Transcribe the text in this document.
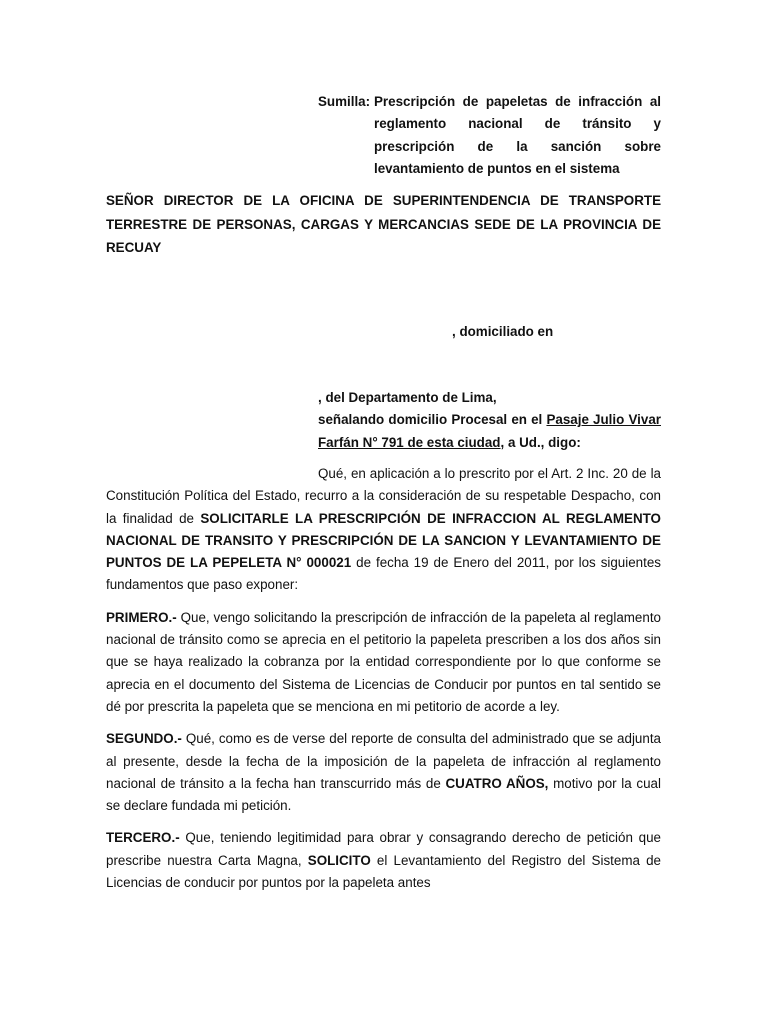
Sumilla: Prescripción de papeletas de infracción al reglamento nacional de tránsito y prescripción de la sanción sobre levantamiento de puntos en el sistema
SEÑOR DIRECTOR DE LA OFICINA DE SUPERINTENDENCIA DE TRANSPORTE TERRESTRE DE PERSONAS, CARGAS Y MERCANCIAS SEDE DE LA PROVINCIA DE RECUAY
, domiciliado en
, del Departamento de Lima,
señalando domicilio Procesal en el Pasaje Julio Vivar Farfán N° 791 de esta ciudad, a Ud., digo:

Qué, en aplicación a lo prescrito por el Art. 2 Inc. 20 de la Constitución Política del Estado, recurro a la consideración de su respetable Despacho, con la finalidad de SOLICITARLE LA PRESCRIPCIÓN DE INFRACCION AL REGLAMENTO NACIONAL DE TRANSITO Y PRESCRIPCIÓN DE LA SANCION Y LEVANTAMIENTO DE PUNTOS DE LA PEPELETA N° 000021 de fecha 19 de Enero del 2011, por los siguientes fundamentos que paso exponer:

PRIMERO.- Que, vengo solicitando la prescripción de infracción de la papeleta al reglamento nacional de tránsito como se aprecia en el petitorio la papeleta prescriben a los dos años sin que se haya realizado la cobranza por la entidad correspondiente por lo que conforme se aprecia en el documento del Sistema de Licencias de Conducir por puntos en tal sentido se dé por prescrita la papeleta que se menciona en mi petitorio de acorde a ley.

SEGUNDO.- Qué, como es de verse del reporte de consulta del administrado que se adjunta al presente, desde la fecha de la imposición de la papeleta de infracción al reglamento nacional de tránsito a la fecha han transcurrido más de CUATRO AÑOS, motivo por la cual se declare fundada mi petición.

TERCERO.- Que, teniendo legitimidad para obrar y consagrando derecho de petición que prescribe nuestra Carta Magna, SOLICITO el Levantamiento del Registro del Sistema de Licencias de conducir por puntos por la papeleta antes
